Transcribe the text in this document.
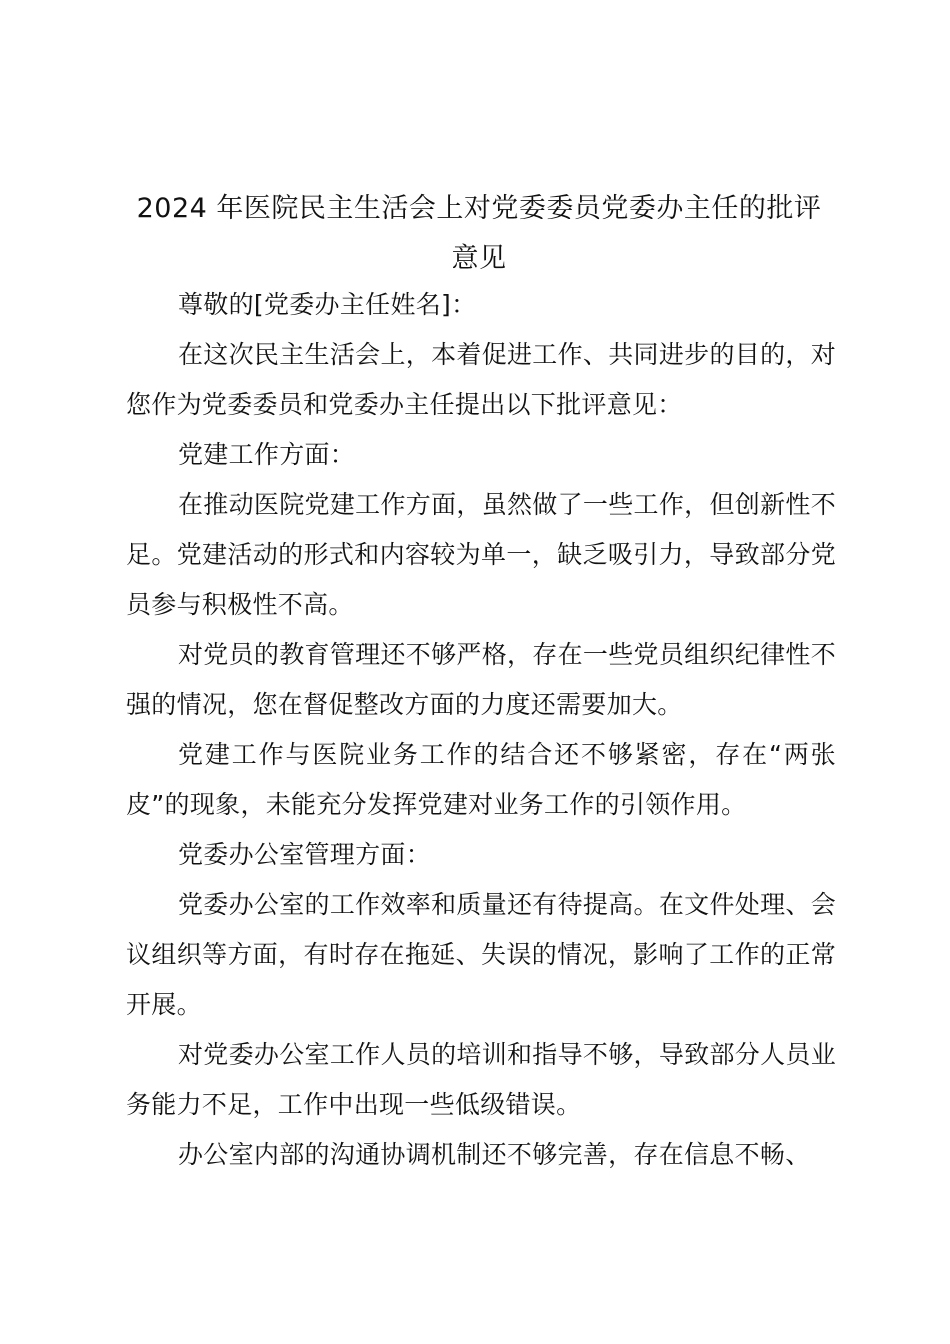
2024 年医院民主生活会上对党委委员党委办主任的批评意见

尊敬的[党委办主任姓名]：

在这次民主生活会上，本着促进工作、共同进步的目的，对您作为党委委员和党委办主任提出以下批评意见：

党建工作方面：

在推动医院党建工作方面，虽然做了一些工作，但创新性不足。党建活动的形式和内容较为单一，缺乏吸引力，导致部分党员参与积极性不高。

对党员的教育管理还不够严格，存在一些党员组织纪律性不强的情况，您在督促整改方面的力度还需要加大。

党建工作与医院业务工作的结合还不够紧密，存在“两张皮”的现象，未能充分发挥党建对业务工作的引领作用。

党委办公室管理方面：

党委办公室的工作效率和质量还有待提高。在文件处理、会议组织等方面，有时存在拖延、失误的情况，影响了工作的正常开展。

对党委办公室工作人员的培训和指导不够，导致部分人员业务能力不足，工作中出现一些低级错误。

办公室内部的沟通协调机制还不够完善，存在信息不畅、
